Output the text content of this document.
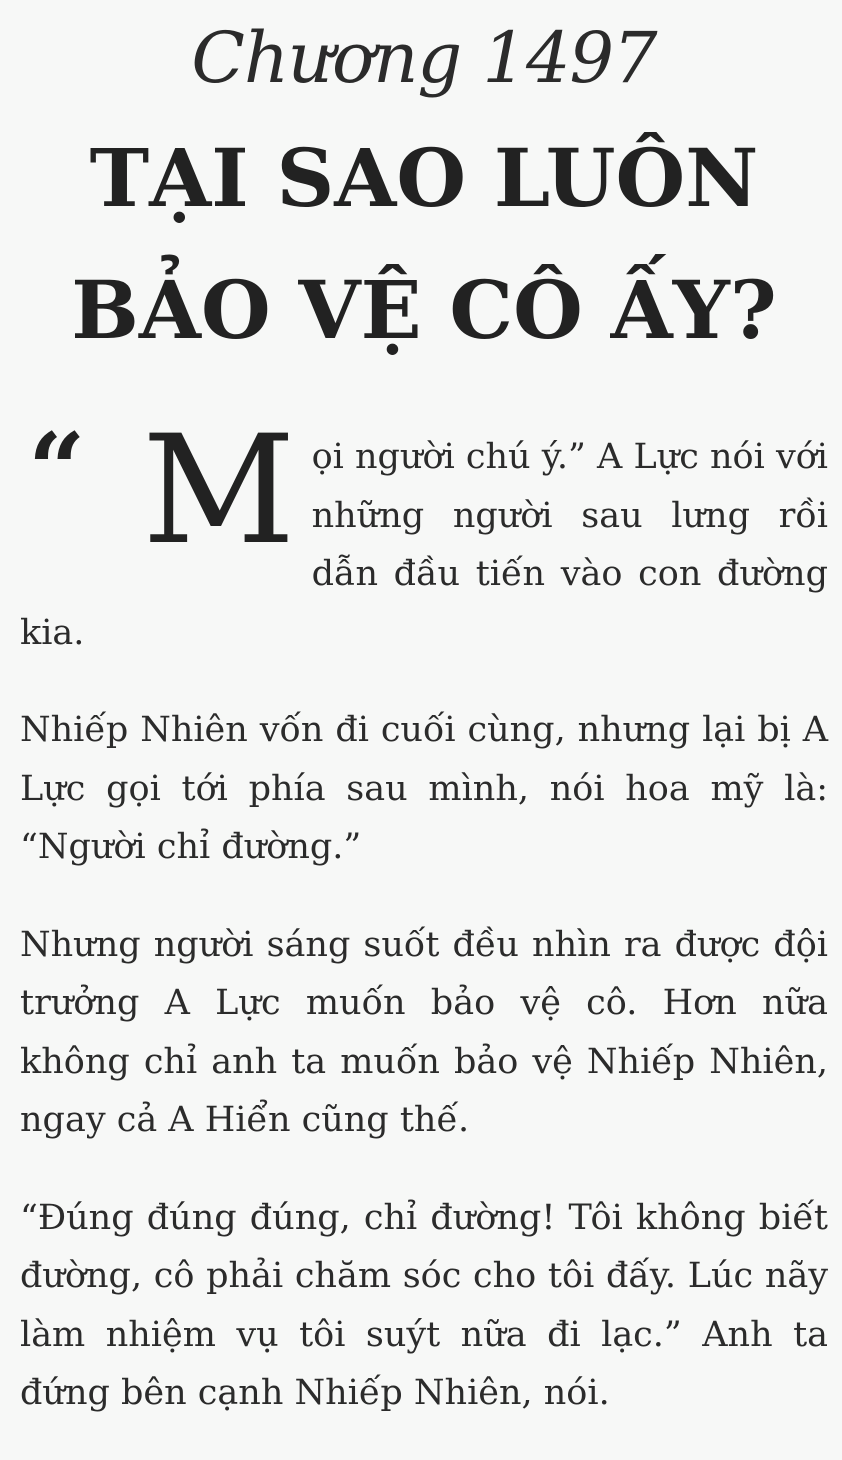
Chương 1497
TẠI SAO LUÔN
BẢO VỆ CÔ ẤY?

“ M ọi người chú ý.” A Lực nói với những người sau lưng rồi dẫn đầu tiến vào con đường kia.

Nhiếp Nhiên vốn đi cuối cùng, nhưng lại bị A Lực gọi tới phía sau mình, nói hoa mỹ là: “Người chỉ đường.”

Nhưng người sáng suốt đều nhìn ra được đội trưởng A Lực muốn bảo vệ cô. Hơn nữa không chỉ anh ta muốn bảo vệ Nhiếp Nhiên, ngay cả A Hiển cũng thế.

“Đúng đúng đúng, chỉ đường! Tôi không biết đường, cô phải chăm sóc cho tôi đấy. Lúc nãy làm nhiệm vụ tôi suýt nữa đi lạc.” Anh ta đứng bên cạnh Nhiếp Nhiên, nói.
